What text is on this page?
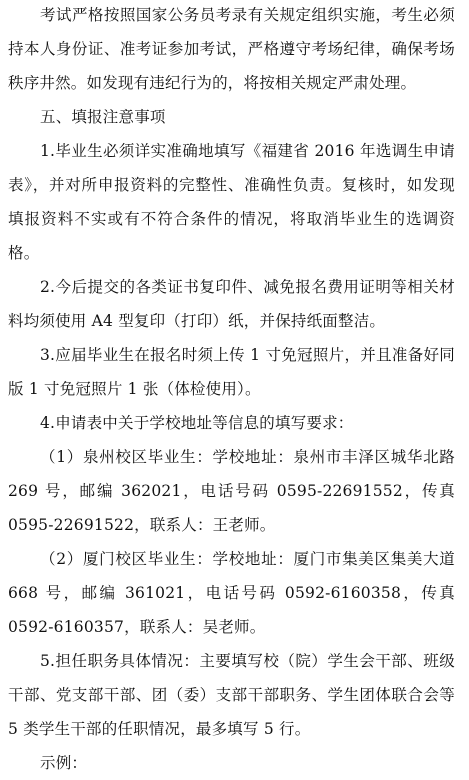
考试严格按照国家公务员考录有关规定组织实施，考生必须持本人身份证、准考证参加考试，严格遵守考场纪律，确保考场秩序井然。如发现有违纪行为的，将按相关规定严肃处理。

五、填报注意事项

1.毕业生必须详实准确地填写《福建省 2016 年选调生申请表》，并对所申报资料的完整性、准确性负责。复核时，如发现填报资料不实或有不符合条件的情况，将取消毕业生的选调资格。

2.今后提交的各类证书复印件、减免报名费用证明等相关材料均须使用 A4 型复印（打印）纸，并保持纸面整洁。

3.应届毕业生在报名时须上传 1 寸免冠照片，并且准备好同版 1 寸免冠照片 1 张（体检使用）。

4.申请表中关于学校地址等信息的填写要求：

（1）泉州校区毕业生：学校地址：泉州市丰泽区城华北路 269 号，邮编 362021，电话号码 0595-22691552，传真 0595-22691522，联系人：王老师。

（2）厦门校区毕业生：学校地址：厦门市集美区集美大道 668 号，邮编 361021，电话号码 0592-6160358，传真 0592-6160357，联系人：吴老师。

5.担任职务具体情况：主要填写校（院）学生会干部、班级干部、党支部干部、团（委）支部干部职务、学生团体联合会等 5 类学生干部的任职情况，最多填写 5 行。

示例：
